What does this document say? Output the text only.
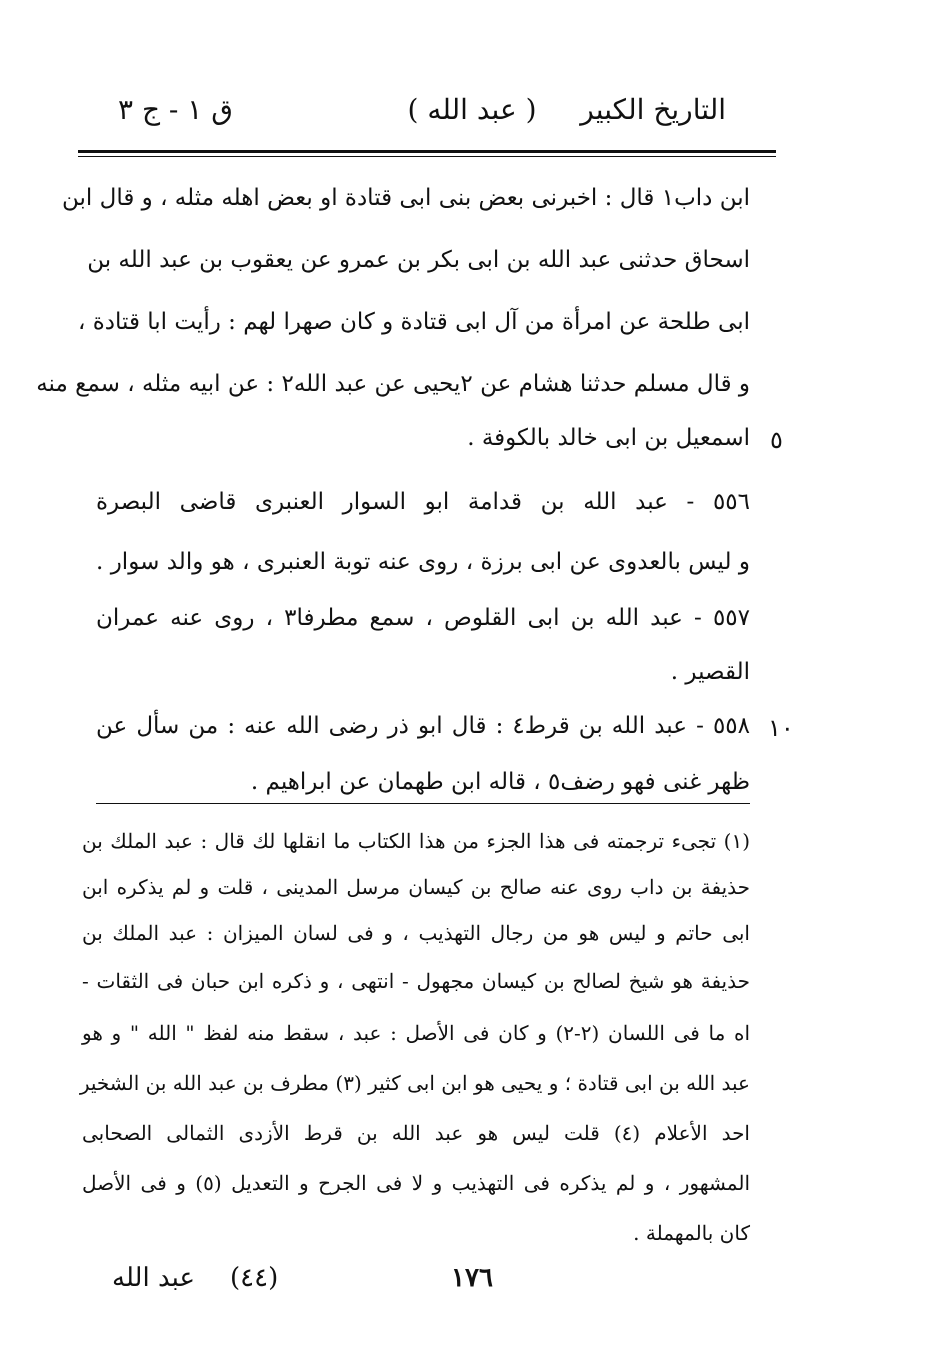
التاريخ الكبير
( عبد الله )
ق ١ - ج ٣
ابن داب١ قال : اخبرنى بعض بنى ابى قتادة او بعض اهله مثله ، و قال ابن
اسحاق حدثنى عبد الله بن ابى بكر بن عمرو عن يعقوب بن عبد الله بن
ابى طلحة عن امرأة من آل ابى قتادة و كان صهرا لهم : رأيت ابا قتادة ،
و قال مسلم حدثنا هشام عن ٢يحيى عن عبد الله٢ : عن ابيه مثله ، سمع منه
اسمعيل بن ابى خالد بالكوفة .
٥٥٦ - عبد الله بن قدامة ابو السوار العنبرى قاضى البصرة
و ليس بالعدوى عن ابى برزة ، روى عنه توبة العنبرى ، هو والد سوار .
٥٥٧ - عبد الله بن ابى القلوص ، سمع مطرفا٣ ، روى عنه عمران
القصير .
٥٥٨ - عبد الله بن قرط٤ : قال ابو ذر رضى الله عنه : من سأل عن
ظهر غنى فهو رضف٥ ، قاله ابن طهمان عن ابراهيم .
٥
١٠
(١) تجىء ترجمته فى هذا الجزء من هذا الكتاب ما انقلها لك قال : عبد الملك بن
حذيفة بن داب روى عنه صالح بن كيسان مرسل المدينى ، قلت و لم يذكره ابن
ابى حاتم و ليس هو من رجال التهذيب ، و فى لسان الميزان : عبد الملك بن
حذيفة هو شيخ لصالح بن كيسان مجهول - انتهى ، و ذكره ابن حبان فى الثقات -
اه ما فى اللسان (٢-٢) و كان فى الأصل : عبد ، سقط منه لفظ " الله " و هو
عبد الله بن ابى قتادة ؛ و يحيى هو ابن ابى كثير (٣) مطرف بن عبد الله بن الشخير
احد الأعلام (٤) قلت ليس هو عبد الله بن قرط الأزدى الثمالى الصحابى
المشهور ، و لم يذكره فى التهذيب و لا فى الجرح و التعديل (٥) و فى الأصل
كان بالمهملة .
١٧٦
(٤٤)
عبد الله
